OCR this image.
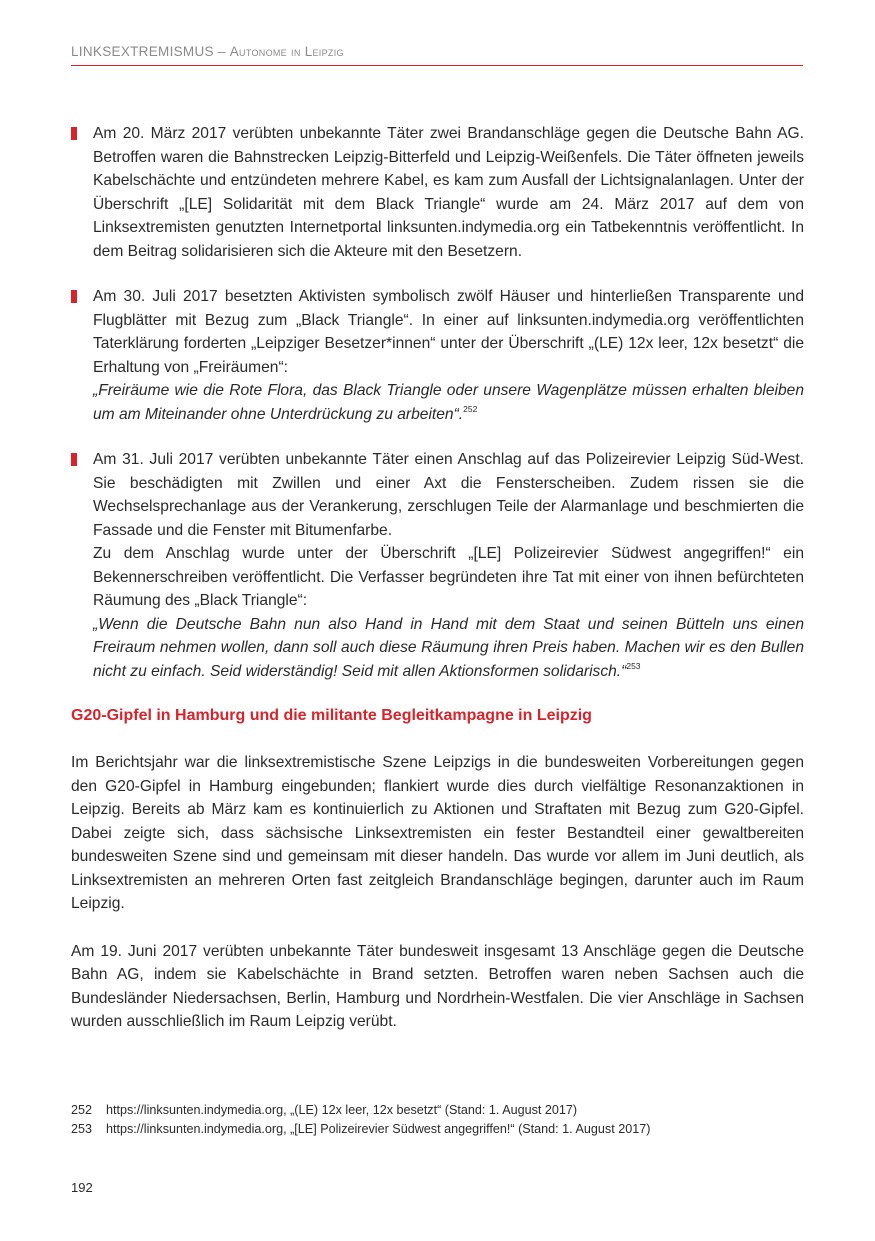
LINKSEXTREMISMUS – Autonome in Leipzig

Am 20. März 2017 verübten unbekannte Täter zwei Brandanschläge gegen die Deutsche Bahn AG. Betroffen waren die Bahnstrecken Leipzig-Bitterfeld und Leipzig-Weißenfels. Die Täter öffneten jeweils Kabelschächte und entzündeten mehrere Kabel, es kam zum Ausfall der Lichtsignalanlagen. Unter der Überschrift „[LE] Solidarität mit dem Black Triangle“ wurde am 24. März 2017 auf dem von Linksextremisten genutzten Internetportal linksunten.indymedia.org ein Tatbekenntnis veröffentlicht. In dem Beitrag solidarisieren sich die Akteure mit den Besetzern.

Am 30. Juli 2017 besetzten Aktivisten symbolisch zwölf Häuser und hinterließen Transparente und Flugblätter mit Bezug zum „Black Triangle“. In einer auf linksunten.indymedia.org veröffentlichten Taterklärung forderten „Leipziger Besetzer*innen“ unter der Überschrift „(LE) 12x leer, 12x besetzt“ die Erhaltung von „Freiräumen“:

„Freiräume wie die Rote Flora, das Black Triangle oder unsere Wagenplätze müssen erhalten bleiben um am Miteinander ohne Unterdrückung zu arbeiten“.$^{252}$

Am 31. Juli 2017 verübten unbekannte Täter einen Anschlag auf das Polizeirevier Leipzig Süd-West. Sie beschädigten mit Zwillen und einer Axt die Fensterscheiben. Zudem rissen sie die Wechselsprechanlage aus der Verankerung, zerschlugen Teile der Alarmanlage und beschmierten die Fassade und die Fenster mit Bitumenfarbe.

Zu dem Anschlag wurde unter der Überschrift „[LE] Polizeirevier Südwest angegriffen!“ ein Bekennerschreiben veröffentlicht. Die Verfasser begründeten ihre Tat mit einer von ihnen befürchteten Räumung des „Black Triangle“:

„Wenn die Deutsche Bahn nun also Hand in Hand mit dem Staat und seinen Bütteln uns einen Freiraum nehmen wollen, dann soll auch diese Räumung ihren Preis haben. Machen wir es den Bullen nicht zu einfach. Seid widerständig! Seid mit allen Aktionsformen solidarisch.“$^{253}$

G20-Gipfel in Hamburg und die militante Begleitkampagne in Leipzig

Im Berichtsjahr war die linksextremistische Szene Leipzigs in die bundesweiten Vorbereitungen gegen den G20-Gipfel in Hamburg eingebunden; flankiert wurde dies durch vielfältige Resonanzaktionen in Leipzig. Bereits ab März kam es kontinuierlich zu Aktionen und Straftaten mit Bezug zum G20-Gipfel. Dabei zeigte sich, dass sächsische Linksextremisten ein fester Bestandteil einer gewaltbereiten bundesweiten Szene sind und gemeinsam mit dieser handeln. Das wurde vor allem im Juni deutlich, als Linksextremisten an mehreren Orten fast zeitgleich Brandanschläge begingen, darunter auch im Raum Leipzig.

Am 19. Juni 2017 verübten unbekannte Täter bundesweit insgesamt 13 Anschläge gegen die Deutsche Bahn AG, indem sie Kabelschächte in Brand setzten. Betroffen waren neben Sachsen auch die Bundesländer Niedersachsen, Berlin, Hamburg und Nordrhein-Westfalen. Die vier Anschläge in Sachsen wurden ausschließlich im Raum Leipzig verübt.

252	https://linksunten.indymedia.org, „(LE) 12x leer, 12x besetzt“ (Stand: 1. August 2017)
253	https://linksunten.indymedia.org, „[LE] Polizeirevier Südwest angegriffen!“ (Stand: 1. August 2017)
192
